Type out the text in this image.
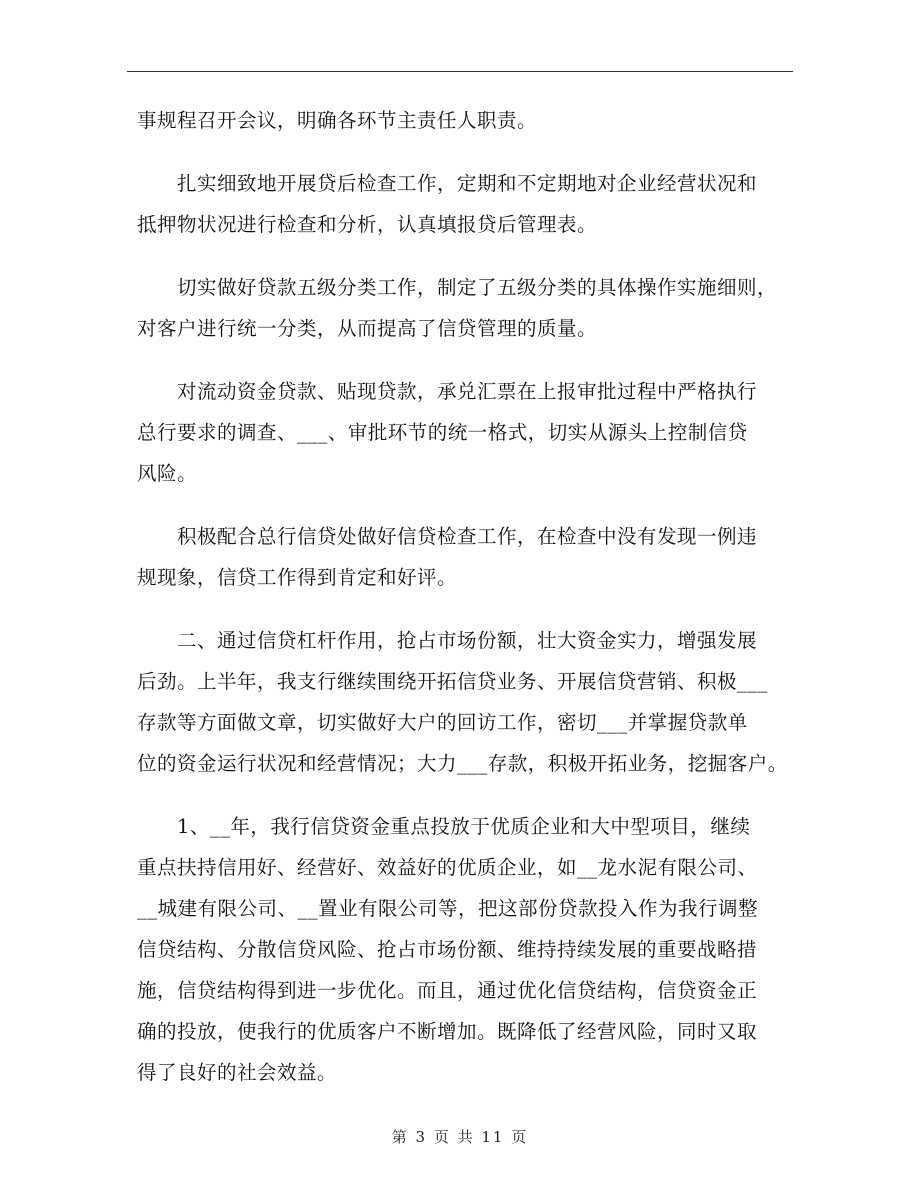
事规程召开会议，明确各环节主责任人职责。

　　扎实细致地开展贷后检查工作，定期和不定期地对企业经营状况和
抵押物状况进行检查和分析，认真填报贷后管理表。

　　切实做好贷款五级分类工作，制定了五级分类的具体操作实施细则，
对客户进行统一分类，从而提高了信贷管理的质量。

　　对流动资金贷款、贴现贷款，承兑汇票在上报审批过程中严格执行
总行要求的调查、___、审批环节的统一格式，切实从源头上控制信贷
风险。

　　积极配合总行信贷处做好信贷检查工作，在检查中没有发现一例违
规现象，信贷工作得到肯定和好评。

　　二、通过信贷杠杆作用，抢占市场份额，壮大资金实力，增强发展
后劲。上半年，我支行继续围绕开拓信贷业务、开展信贷营销、积极___
存款等方面做文章，切实做好大户的回访工作，密切___并掌握贷款单
位的资金运行状况和经营情况；大力___存款，积极开拓业务，挖掘客户。

　　1、__年，我行信贷资金重点投放于优质企业和大中型项目，继续
重点扶持信用好、经营好、效益好的优质企业，如__龙水泥有限公司、
__城建有限公司、__置业有限公司等，把这部份贷款投入作为我行调整
信贷结构、分散信贷风险、抢占市场份额、维持持续发展的重要战略措
施，信贷结构得到进一步优化。而且，通过优化信贷结构，信贷资金正
确的投放，使我行的优质客户不断增加。既降低了经营风险，同时又取
得了良好的社会效益。

第 3 页 共 11 页
